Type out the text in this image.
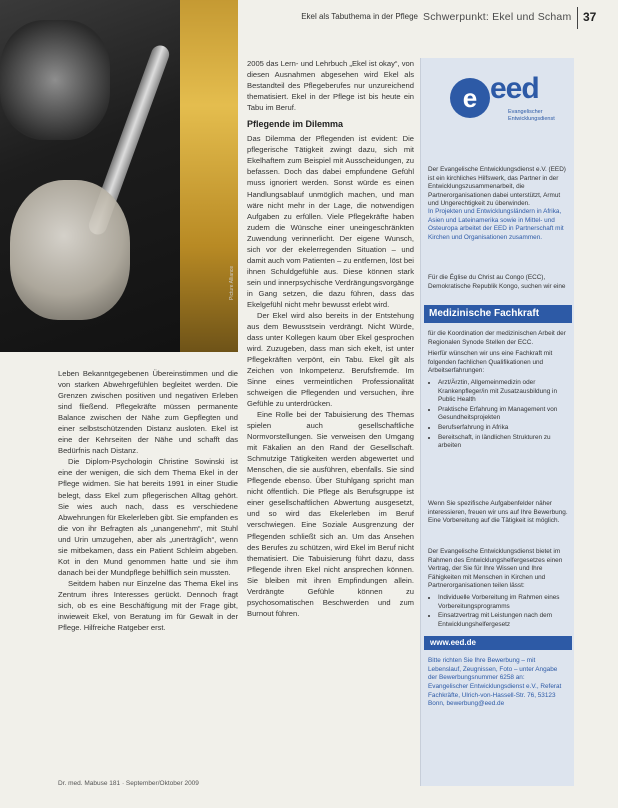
Ekel als Tabuthema in der Pflege Schwerpunkt: Ekel und Scham 37
Picture Alliance

Leben Bekanntgegebenen Übereinstimmen und die von starken Abwehrgefühlen begleitet werden. Die Grenzen zwischen positiven und negativen Erleben sind fließend. Pflegekräfte müssen permanente Balance zwischen der Nähe zum Gepflegten und einer selbstschützenden Distanz ausloten. Ekel ist eine der Kehrseiten der Nähe und schafft das Bedürfnis nach Distanz.

Die Diplom-Psychologin Christine Sowinski ist eine der wenigen, die sich dem Thema Ekel in der Pflege widmen. Sie hat bereits 1991 in einer Studie belegt, dass Ekel zum pflegerischen Alltag gehört. Sie wies auch nach, dass es verschiedene Abwehrungen für Ekelerleben gibt. Sie empfanden es die von ihr Befragten als „unangenehm“, mit Stuhl und Urin umzugehen, aber als „unerträglich“, wenn sie mitbekamen, dass ein Patient Schleim abgeben. Kot in den Mund genommen hatte und sie ihm danach bei der Mundpflege behilflich sein mussten.

Seitdem haben nur Einzelne das Thema Ekel ins Zentrum ihres Interesses gerückt. Dennoch fragt sich, ob es eine Beschäftigung mit der Frage gibt, inwieweit Ekel, von Beratung im für Gewalt in der Pflege. Hilfreiche Ratgeber erst.

2005 das Lern- und Lehrbuch „Ekel ist okay“, von diesen Ausnahmen abgesehen wird Ekel als Bestandteil des Pflegeberufes nur unzureichend thematisiert. Ekel in der Pflege ist bis heute ein Tabu im Beruf.

Pflegende im Dilemma

Das Dilemma der Pflegenden ist evident: Die pflegerische Tätigkeit zwingt dazu, sich mit Ekelhaftem zum Beispiel mit Ausscheidungen, zu befassen. Doch das dabei empfundene Gefühl muss ignoriert werden. Sonst würde es einen Handlungsablauf unmöglich machen, und man wäre nicht mehr in der Lage, die notwendigen Aufgaben zu erfüllen. Viele Pflegekräfte haben zudem die Wünsche einer uneingeschränkten Zuwendung verinnerlicht. Der eigene Wunsch, sich vor der ekelerregenden Situation – und damit auch vom Patienten – zu entfernen, löst bei ihnen Schuldgefühle aus. Diese können stark sein und innerpsychische Verdrängungsvorgänge in Gang setzen, die dazu führen, dass das Ekelgefühl nicht mehr bewusst erlebt wird.

Der Ekel wird also bereits in der Entstehung aus dem Bewusstsein verdrängt. Nicht Würde, dass unter Kollegen kaum über Ekel gesprochen wird. Zuzugeben, dass man sich ekelt, ist unter Pflegekräften verpönt, ein Tabu. Ekel gilt als Zeichen von Inkompetenz. Berufsfremde. Im Sinne eines vermeintlichen Professionalität schweigen die Pflegenden und versuchen, ihre Gefühle zu unterdrücken.

Eine Rolle bei der Tabuisierung des Themas spielen auch gesellschaftliche Normvorstellungen. Sie verweisen den Umgang mit Fäkalien an den Rand der Gesellschaft. Schmutzige Tätigkeiten werden abgewertet und Menschen, die sie ausführen, ebenfalls. Sie sind Pflegende ebenso. Über Stuhlgang spricht man nicht öffentlich. Die Pflege als Berufsgruppe ist einer gesellschaftlichen Abwertung ausgesetzt, und so wird das Ekelerleben im Beruf verschwiegen. Eine Soziale Ausgrenzung der Pflegenden schließt sich an. Um das Ansehen des Berufes zu schützen, wird Ekel im Beruf nicht thematisiert. Die Tabuisierung führt dazu, dass Pflegende ihren Ekel nicht ansprechen können. Sie bleiben mit ihren Empfindungen allein. Verdrängte Gefühle können zu psychosomatischen Beschwerden und zum Burnout führen.

e eed
Evangelischer Entwicklungsdienst
Der Evangelische Entwicklungsdienst e.V. (EED) ist ein kirchliches Hilfswerk, das Partner in der Entwicklungszusammenarbeit, die Partnerorganisationen dabei unterstützt, Armut und Ungerechtigkeit zu überwinden.
In Projekten und Entwicklungsländern in Afrika, Asien und Lateinamerika sowie in Mittel- und Osteuropa arbeitet der EED in Partnerschaft mit Kirchen und Organisationen zusammen.
Für die Église du Christ au Congo (ECC), Demokratische Republik Kongo, suchen wir eine
Medizinische Fachkraft
für die Koordination der medizinischen Arbeit der Regionalen Synode Stellen der ECC.
Hierfür wünschen wir uns eine Fachkraft mit folgenden fachlichen Qualifikationen und Arbeitserfahrungen:
• Arzt/Ärztin, Allgemeinmedizin oder Krankenpfleger/in mit Zusatzausbildung in Public Health
• Praktische Erfahrung im Management von Gesundheitsprojekten
• Berufserfahrung in Afrika
• Bereitschaft, in ländlichen Strukturen zu arbeiten
Wenn Sie spezifische Aufgabenfelder näher interessieren, freuen wir uns auf Ihre Bewerbung. Eine Vorbereitung auf die Tätigkeit ist möglich.
Der Evangelische Entwicklungsdienst bietet im Rahmen des Entwicklungshelfergesetzes einen Vertrag, der Sie für Ihre Wissen und Ihre Fähigkeiten mit Menschen in Kirchen und Partnerorganisationen teilen lässt:
• Individuelle Vorbereitung im Rahmen eines Vorbereitungsprogramms
• Einsatzvertrag mit Leistungen nach dem Entwicklungshelfergesetz
www.eed.de
Bitte richten Sie Ihre Bewerbung – mit Lebenslauf, Zeugnissen, Foto – unter Angabe der Bewerbungsnummer 6258 an:
Evangelischer Entwicklungsdienst e.V., Referat Fachkräfte, Ulrich-von-Hassell-Str. 76, 53123 Bonn, bewerbung@eed.de
Dr. med. Mabuse 181 · September/Oktober 2009
